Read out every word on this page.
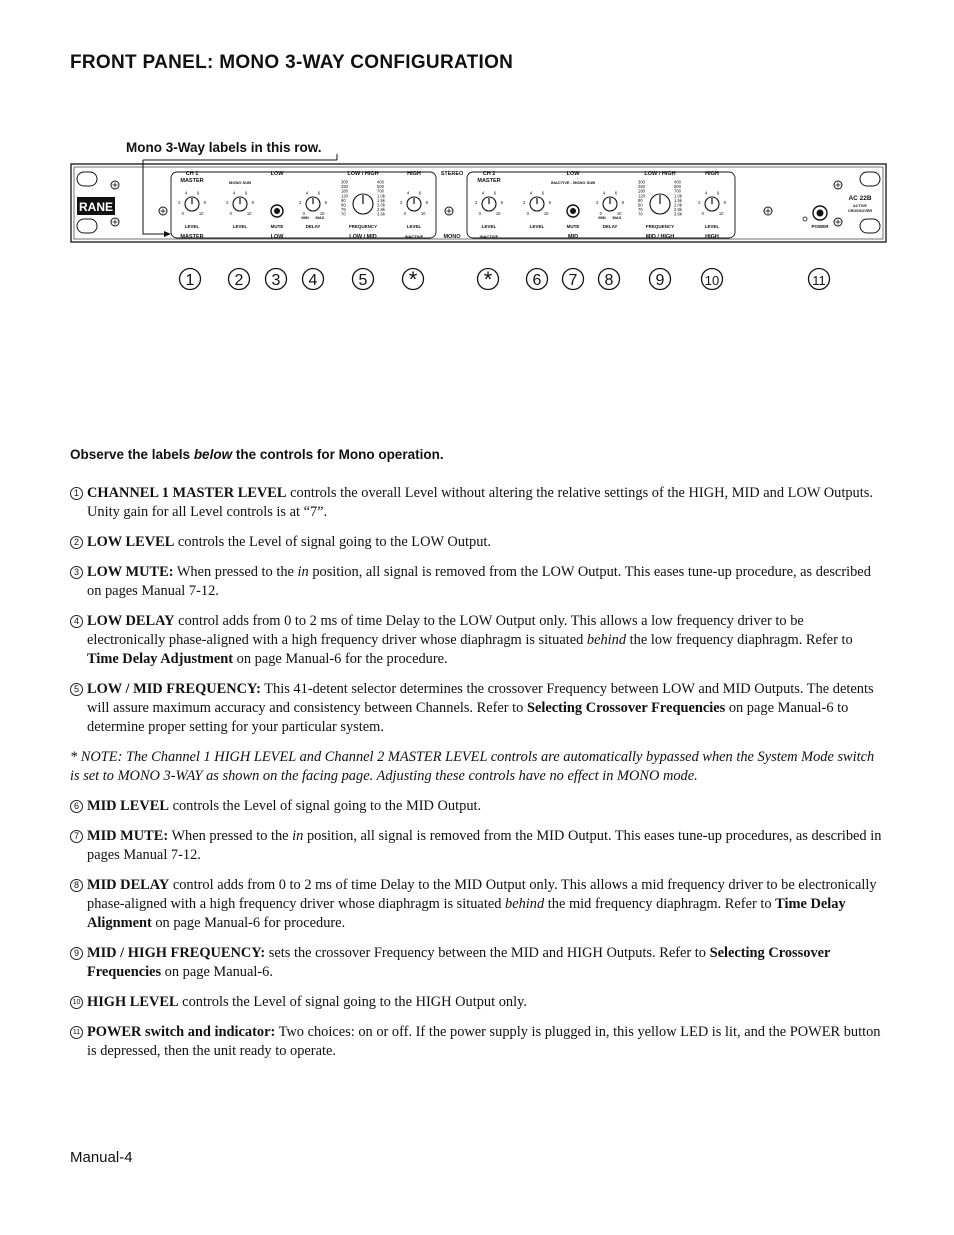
FRONT PANEL: MONO 3-WAY CONFIGURATION
Mono 3-Way labels in this row.
RANE
CH 1
MASTER
0
2
4 6
8
10
LEVEL
MONO SUB
0
2
4 6
8
10
LEVEL
LOW
MUTE
0
2
4 6
8
10
MIN MAX
DELAY
LOW / HIGH
300
250
180
120
90
80
75
70
400
500
700
1.0k
1.5k
2.0k
2.8k
3.6k
FREQUENCY
HIGH
0
2
4 6
8
10
LEVEL
STEREO	CH 2
MASTER
0
2
4 6
8
10
LEVEL
LOW
INACTIVE - MONO SUB
0
2
4 6
8
10
LEVEL	MUTE
0
2
4 6
8
10
MIN MAX
DELAY
LOW / HIGH
300
250
180
120
90
80
75
70
400
500
700
1.0k
1.5k
2.0k
2.8k
3.6k
FREQUENCY
HIGH
0
2
4 6
8
10
LEVEL
AC 22B
ACTIVE
CROSSOVER
POWER
MASTER	LOW	LOW / MID	INACTIVE	MONO	INACTIVE	MID	MID / HIGH	HIGH
1	2 3 4	5 *	*	6 7 8	9	10	11
Observe the labels below the controls for Mono operation.
1 CHANNEL 1 MASTER LEVEL controls the overall Level without altering the relative settings of the HIGH, MID and LOW Outputs. Unity gain for all Level controls is at “7”.
2 LOW LEVEL controls the Level of signal going to the LOW Output.
3 LOW MUTE: When pressed to the in position, all signal is removed from the LOW Output. This eases tune-up procedure, as described on pages Manual 7-12.
4 LOW DELAY control adds from 0 to 2 ms of time Delay to the LOW Output only. This allows a low frequency driver to be electronically phase-aligned with a high frequency driver whose diaphragm is situated behind the low frequency diaphragm. Refer to Time Delay Adjustment on page Manual-6 for the procedure.
5 LOW / MID FREQUENCY: This 41-detent selector determines the crossover Frequency between LOW and MID Outputs. The detents will assure maximum accuracy and consistency between Channels. Refer to Selecting Crossover Frequencies on page Manual-6 to determine proper setting for your particular system.
* NOTE: The Channel 1 HIGH LEVEL and Channel 2 MASTER LEVEL controls are automatically bypassed when the System Mode switch is set to MONO 3-WAY as shown on the facing page. Adjusting these controls have no effect in MONO mode.
6 MID LEVEL controls the Level of signal going to the MID Output.
7 MID MUTE: When pressed to the in position, all signal is removed from the MID Output. This eases tune-up procedures, as described in pages Manual 7-12.
8 MID DELAY control adds from 0 to 2 ms of time Delay to the MID Output only. This allows a mid frequency driver to be electronically phase-aligned with a high frequency driver whose diaphragm is situated behind the mid frequency diaphragm. Refer to Time Delay Alignment on page Manual-6 for procedure.
9 MID / HIGH FREQUENCY: sets the crossover Frequency between the MID and HIGH Outputs. Refer to Selecting Crossover Frequencies on page Manual-6.
10 HIGH LEVEL controls the Level of signal going to the HIGH Output only.
11 POWER switch and indicator: Two choices: on or off. If the power supply is plugged in, this yellow LED is lit, and the POWER button is depressed, then the unit ready to operate.
Manual-4
